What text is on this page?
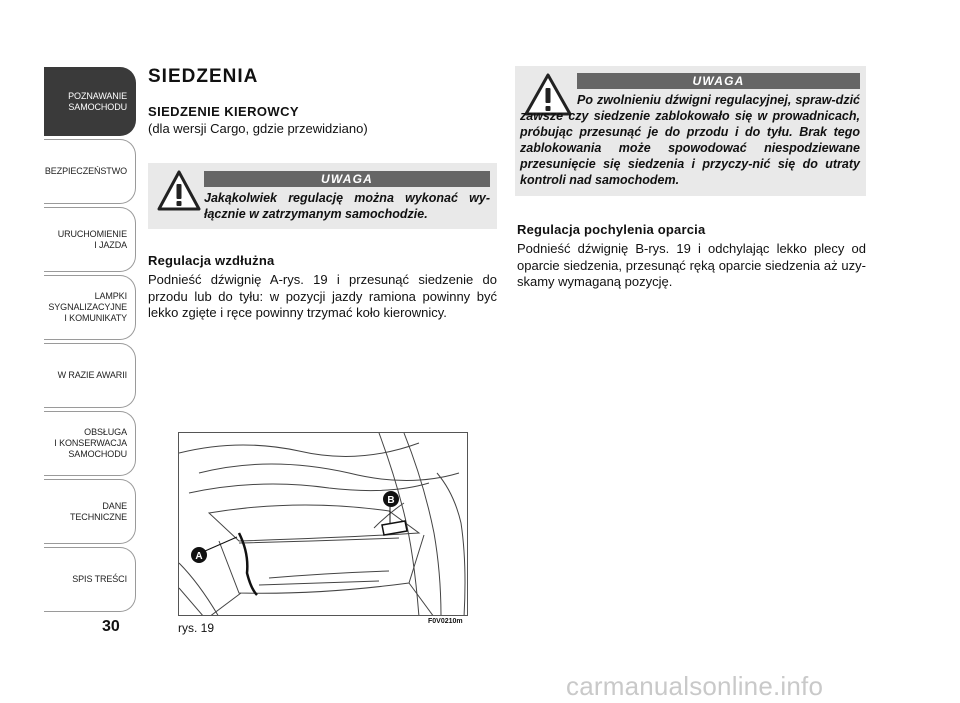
POZNAWANIE
SAMOCHODU
BEZPIECZEŃSTWO
URUCHOMIENIE
I JAZDA
LAMPKI
SYGNALIZACYJNE
I KOMUNIKATY
W RAZIE AWARII
OBSŁUGA
I KONSERWACJA
SAMOCHODU
DANE
TECHNICZNE
SPIS TREŚCI
30
SIEDZENIA
SIEDZENIE KIEROWCY
(dla wersji Cargo, gdzie przewidziano)
UWAGA
Jakąkolwiek regulację można wykonać wy-łącznie w zatrzymanym samochodzie.
Regulacja wzdłużna
Podnieść dźwignię A-rys. 19 i przesunąć siedzenie do przodu lub do tyłu: w pozycji jazdy ramiona powinny być lekko zgięte i ręce powinny trzymać koło kierownicy.
B
A
rys. 19	F0V0210m
UWAGA
Po zwolnieniu dźwigni regulacyjnej, spraw-dzić zawsze czy siedzenie zablokowało się w prowadnicach, próbując przesunąć je do przodu i do tyłu. Brak tego zablokowania może spowodować niespodziewane przesunięcie się siedzenia i przyczy-nić się do utraty kontroli nad samochodem.
Regulacja pochylenia oparcia
Podnieść dźwignię B-rys. 19 i odchylając lekko plecy od oparcie siedzenia, przesunąć ręką oparcie siedzenia aż uzy-skamy wymaganą pozycję.
carmanualsonline.info
